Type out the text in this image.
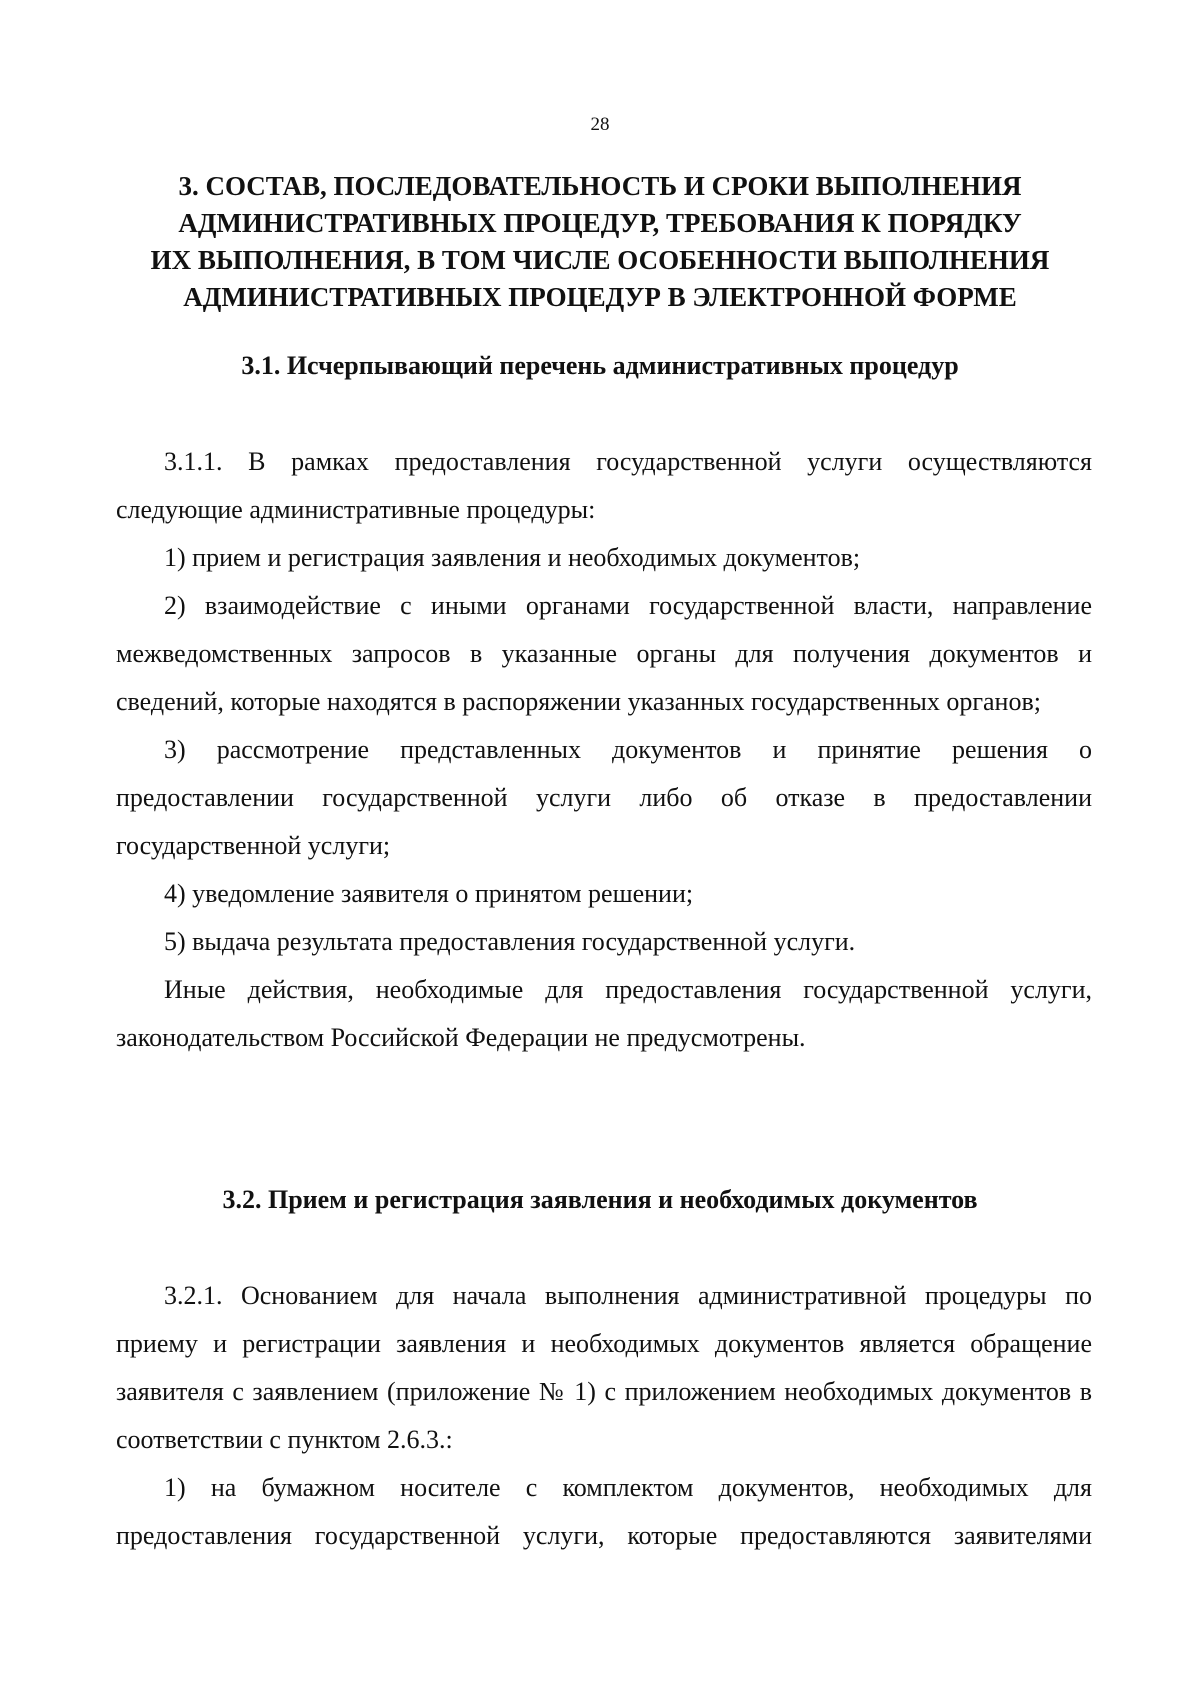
28
3. СОСТАВ, ПОСЛЕДОВАТЕЛЬНОСТЬ И СРОКИ ВЫПОЛНЕНИЯ
АДМИНИСТРАТИВНЫХ ПРОЦЕДУР, ТРЕБОВАНИЯ К ПОРЯДКУ
ИХ ВЫПОЛНЕНИЯ, В ТОМ ЧИСЛЕ ОСОБЕННОСТИ ВЫПОЛНЕНИЯ
АДМИНИСТРАТИВНЫХ ПРОЦЕДУР В ЭЛЕКТРОННОЙ ФОРМЕ
3.1. Исчерпывающий перечень административных процедур

3.1.1. В рамках предоставления государственной услуги осуществляются следующие административные процедуры:

1) прием и регистрация заявления и необходимых документов;

2) взаимодействие с иными органами государственной власти, направление межведомственных запросов в указанные органы для получения документов и сведений, которые находятся в распоряжении указанных государственных органов;

3) рассмотрение представленных документов и принятие решения о предоставлении государственной услуги либо об отказе в предоставлении государственной услуги;

4) уведомление заявителя о принятом решении;

5) выдача результата предоставления государственной услуги.

Иные действия, необходимые для предоставления государственной услуги, законодательством Российской Федерации не предусмотрены.

3.2. Прием и регистрация заявления и необходимых документов

3.2.1. Основанием для начала выполнения административной процедуры по приему и регистрации заявления и необходимых документов является обращение заявителя с заявлением (приложение № 1) с приложением необходимых документов в соответствии с пунктом 2.6.3.:

1) на бумажном носителе с комплектом документов, необходимых для предоставления государственной услуги, которые предоставляются заявителями
